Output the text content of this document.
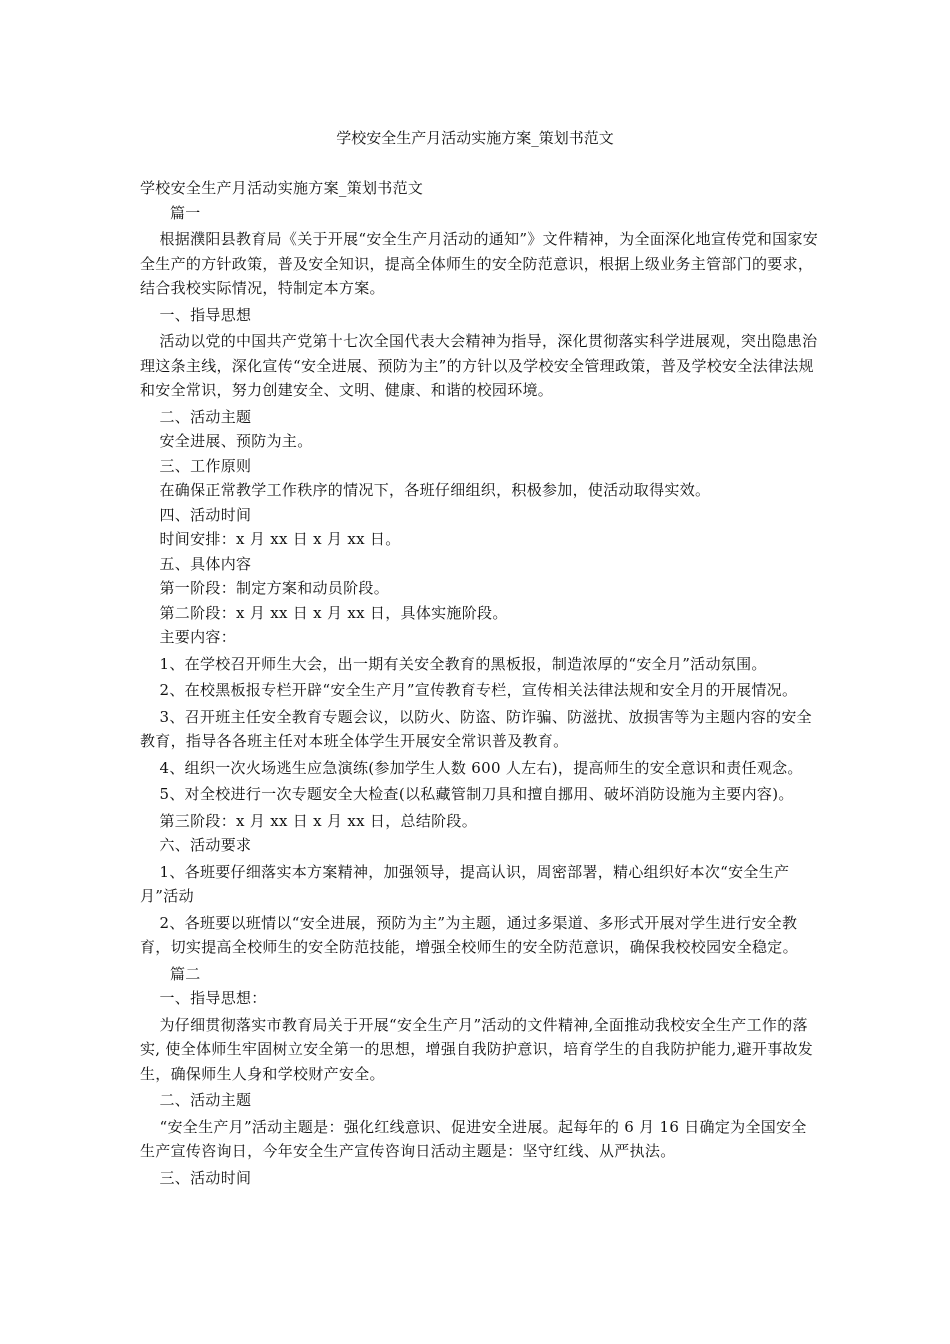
学校安全生产月活动实施方案_策划书范文

学校安全生产月活动实施方案_策划书范文

篇一

根据濮阳县教育局《关于开展“安全生产月活动的通知”》文件精神，为全面深化地宣传党和国家安全生产的方针政策，普及安全知识，提高全体师生的安全防范意识，根据上级业务主管部门的要求，结合我校实际情况，特制定本方案。

一、指导思想

活动以党的中国共产党第十七次全国代表大会精神为指导，深化贯彻落实科学进展观，突出隐患治理这条主线，深化宣传“安全进展、预防为主”的方针以及学校安全管理政策，普及学校安全法律法规和安全常识，努力创建安全、文明、健康、和谐的校园环境。

二、活动主题

安全进展、预防为主。

三、工作原则

在确保正常教学工作秩序的情况下，各班仔细组织，积极参加，使活动取得实效。

四、活动时间

时间安排：x 月 xx 日 x 月 xx 日。

五、具体内容

第一阶段：制定方案和动员阶段。

第二阶段：x 月 xx 日 x 月 xx 日，具体实施阶段。

主要内容：

1、在学校召开师生大会，出一期有关安全教育的黑板报，制造浓厚的“安全月”活动氛围。

2、在校黑板报专栏开辟“安全生产月”宣传教育专栏，宣传相关法律法规和安全月的开展情况。

3、召开班主任安全教育专题会议，以防火、防盗、防诈骗、防滋扰、放损害等为主题内容的安全教育，指导各各班主任对本班全体学生开展安全常识普及教育。

4、组织一次火场逃生应急演练(参加学生人数 600 人左右)，提高师生的安全意识和责任观念。

5、对全校进行一次专题安全大检查(以私藏管制刀具和擅自挪用、破坏消防设施为主要内容)。

第三阶段：x 月 xx 日 x 月 xx 日，总结阶段。

六、活动要求

1、各班要仔细落实本方案精神，加强领导，提高认识，周密部署，精心组织好本次“安全生产月”活动

2、各班要以班情以“安全进展，预防为主”为主题，通过多渠道、多形式开展对学生进行安全教育，切实提高全校师生的安全防范技能，增强全校师生的安全防范意识，确保我校校园安全稳定。

篇二

一、指导思想：

为仔细贯彻落实市教育局关于开展“安全生产月”活动的文件精神,全面推动我校安全生产工作的落实, 使全体师生牢固树立安全第一的思想，增强自我防护意识，培育学生的自我防护能力,避开事故发生，确保师生人身和学校财产安全。

二、活动主题

“安全生产月”活动主题是：强化红线意识、促进安全进展。起每年的 6 月 16 日确定为全国安全生产宣传咨询日，今年安全生产宣传咨询日活动主题是：坚守红线、从严执法。

三、活动时间
